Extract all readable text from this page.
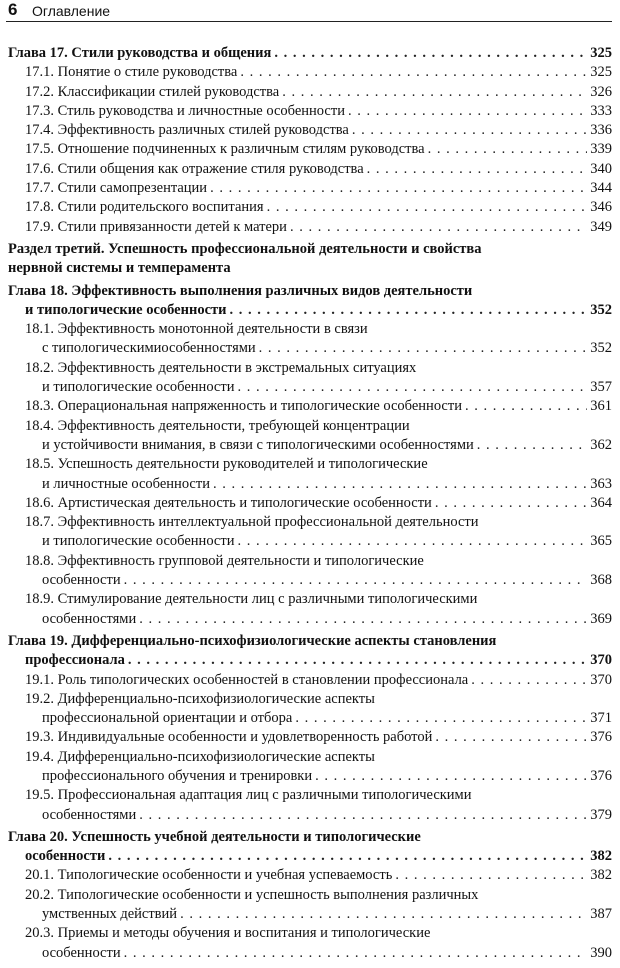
6 Оглавление
Глава 17. Стили руководства и общения . . .	325
17.1. Понятие о стиле руководства . . .	325
17.2. Классификации стилей руководства . . .	326
17.3. Стиль руководства и личностные особенности . . .	333
17.4. Эффективность различных стилей руководства . . .	336
17.5. Отношение подчиненных к различным стилям руководства . . .	339
17.6. Стили общения как отражение стиля руководства . . .	340
17.7. Стили самопрезентации . . .	344
17.8. Стили родительского воспитания . . .	346
17.9. Стили привязанности детей к матери . . .	349
Раздел третий. Успешность профессиональной деятельности и свойства
нервной системы и темперамента
Глава 18. Эффективность выполнения различных видов деятельности
и типологические особенности . . .	352
18.1. Эффективность монотонной деятельности в связи
с типологическимиособенностями . . .	352
18.2. Эффективность деятельности в экстремальных ситуациях
и типологические особенности . . .	357
18.3. Операциональная напряженность и типологические особенности . . .	361
18.4. Эффективность деятельности, требующей концентрации
и устойчивости внимания, в связи с типологическими особенностями . . .	362
18.5. Успешность деятельности руководителей и типологические
и личностные особенности . . .	363
18.6. Артистическая деятельность и типологические особенности . . .	364
18.7. Эффективность интеллектуальной профессиональной деятельности
и типологические особенности . . .	365
18.8. Эффективность групповой деятельности и типологические
особенности . . .	368
18.9. Стимулирование деятельности лиц с различными типологическими
особенностями . . .	369
Глава 19. Дифференциально-психофизиологические аспекты становления
профессионала . . .	370
19.1. Роль типологических особенностей в становлении профессионала . . .	370
19.2. Дифференциально-психофизиологические аспекты
профессиональной ориентации и отбора . . .	371
19.3. Индивидуальные особенности и удовлетворенность работой . . .	376
19.4. Дифференциально-психофизиологические аспекты
профессионального обучения и тренировки . . .	376
19.5. Профессиональная адаптация лиц с различными типологическими
особенностями . . .	379
Глава 20. Успешность учебной деятельности и типологические
особенности . . .	382
20.1. Типологические особенности и учебная успеваемость . . .	382
20.2. Типологические особенности и успешность выполнения различных
умственных действий . . .	387
20.3. Приемы и методы обучения и воспитания и типологические
особенности . . .	390
